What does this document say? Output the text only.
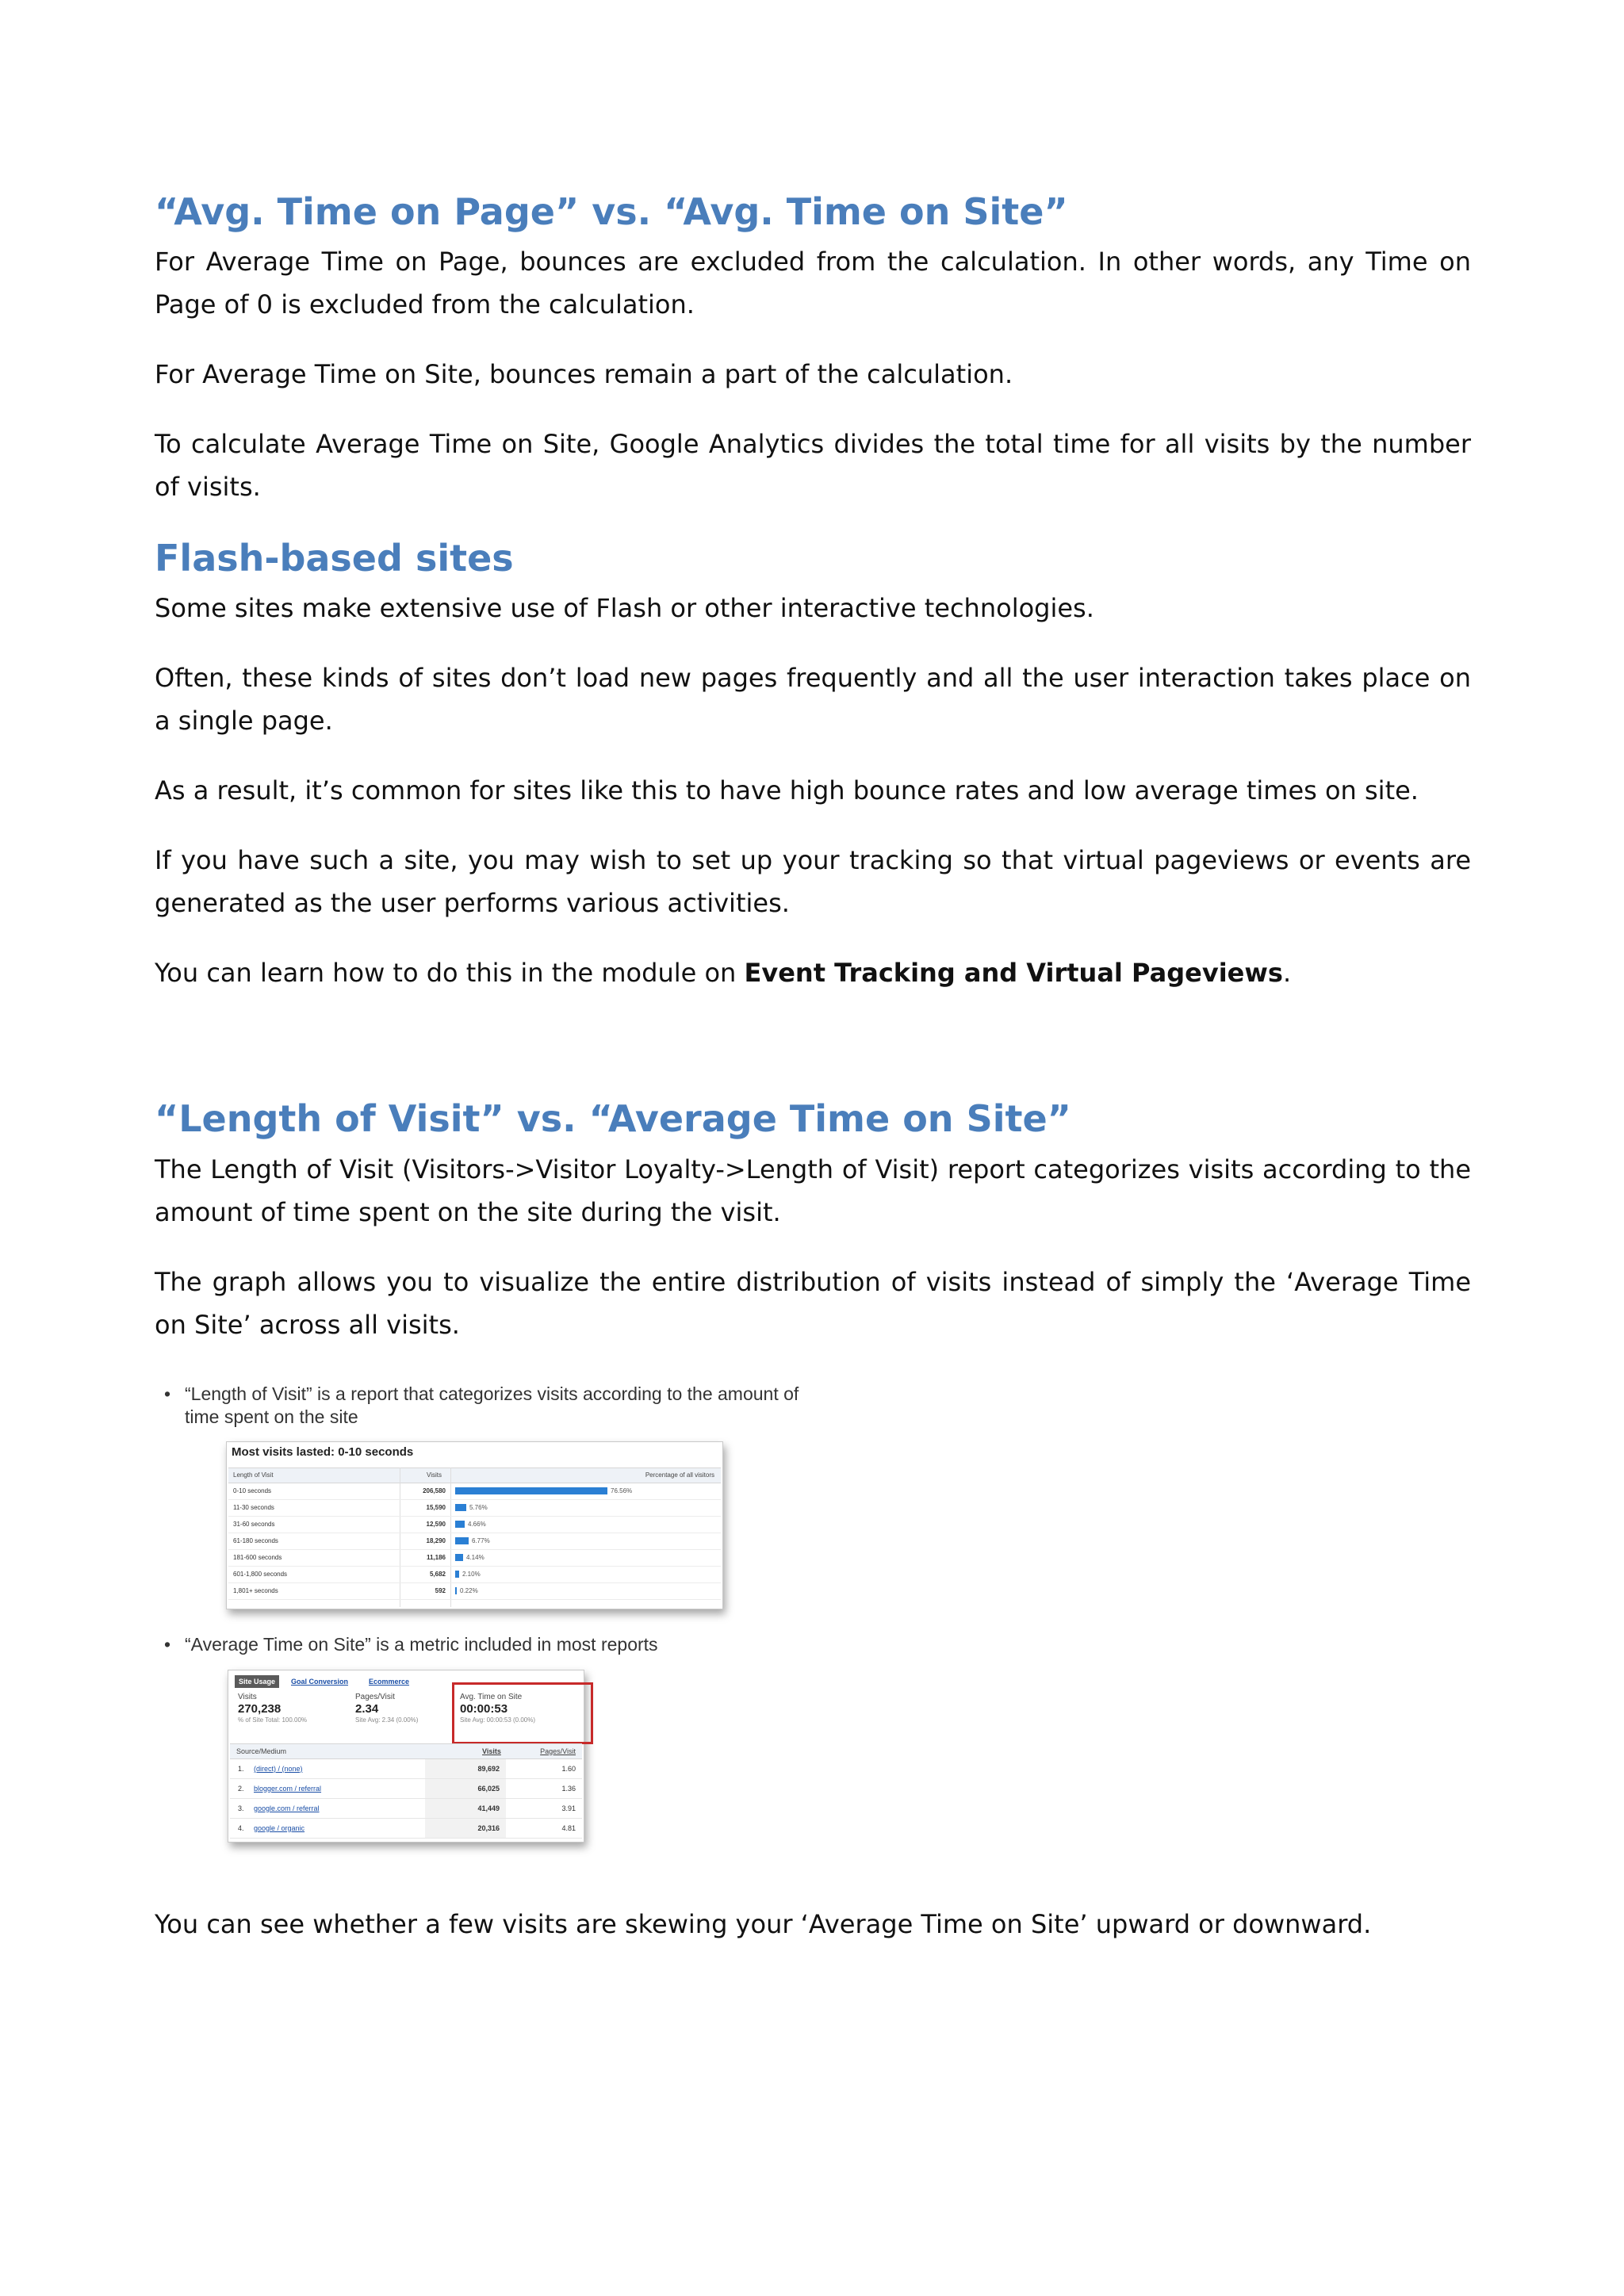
“Avg. Time on Page” vs. “Avg. Time on Site”

For Average Time on Page, bounces are excluded from the calculation. In other words, any Time on Page of 0 is excluded from the calculation.

For Average Time on Site, bounces remain a part of the calculation.

To calculate Average Time on Site, Google Analytics divides the total time for all visits by the number of visits.

Flash-based sites

Some sites make extensive use of Flash or other interactive technologies.

Often, these kinds of sites don’t load new pages frequently and all the user interaction takes place on a single page.

As a result, it’s common for sites like this to have high bounce rates and low average times on site.

If you have such a site, you may wish to set up your tracking so that virtual pageviews or events are generated as the user performs various activities.

You can learn how to do this in the module on Event Tracking and Virtual Pageviews.

“Length of Visit” vs. “Average Time on Site”

The Length of Visit (Visitors->Visitor Loyalty->Length of Visit) report categorizes visits according to the amount of time spent on the site during the visit.

The graph allows you to visualize the entire distribution of visits instead of simply the ‘Average Time on Site’ across all visits.

• “Length of Visit” is a report that categorizes visits according to the amount of
time spent on the site
Most visits lasted: 0-10 seconds
Length of Visit	Visits	Percentage of all visitors
0-10 seconds	206,580	76.56%
11-30 seconds	15,590	5.76%
31-60 seconds	12,590	4.66%
61-180 seconds	18,290	6.77%
181-600 seconds	11,186	4.14%
601-1,800 seconds	5,682	2.10%
1,801+ seconds	592 0.22%
• “Average Time on Site” is a metric included in most reports
Site Usage	Goal Conversion	Ecommerce
Visits
270,238
% of Site Total: 100.00%
Pages/Visit
2.34
Site Avg: 2.34 (0.00%)
Avg. Time on Site
00:00:53
Site Avg: 00:00:53 (0.00%)
Source/Medium	Visits	Pages/Visit
1. (direct) / (none)	89,692	1.60
2. blogger.com / referral	66,025	1.36
3. google.com / referral	41,449	3.91
4. google / organic	20,316	4.81

You can see whether a few visits are skewing your ‘Average Time on Site’ upward or downward.
